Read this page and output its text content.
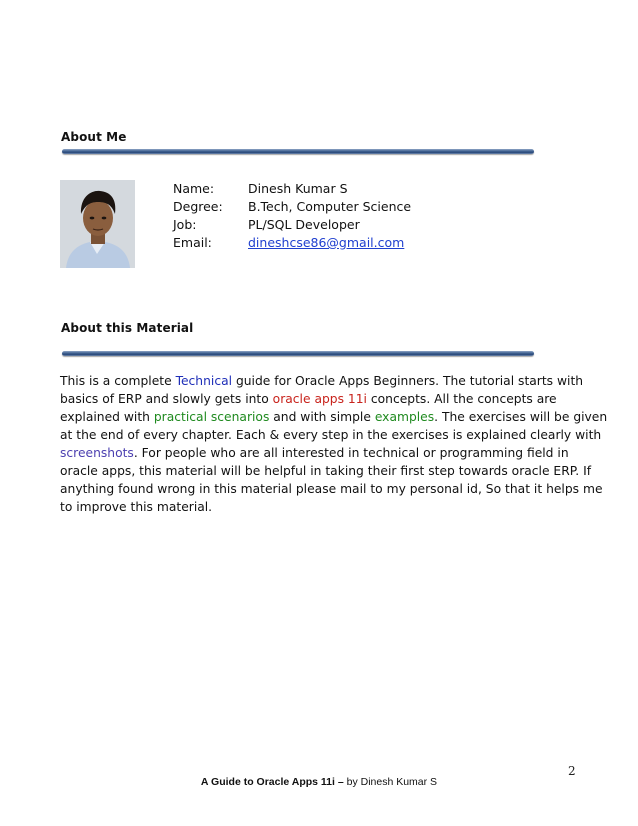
About Me
Name:	Dinesh Kumar S
Degree:	B.Tech, Computer Science
Job:	PL/SQL Developer
Email:	dineshcse86@gmail.com
About this Material
This is a complete Technical guide for Oracle Apps Beginners. The tutorial starts with
basics of ERP and slowly gets into oracle apps 11i concepts. All the concepts are
explained with practical scenarios and with simple examples. The exercises will be given
at the end of every chapter. Each & every step in the exercises is explained clearly with
screenshots. For people who are all interested in technical or programming field in
oracle apps, this material will be helpful in taking their first step towards oracle ERP. If
anything found wrong in this material please mail to my personal id, So that it helps me
to improve this material.
2
A Guide to Oracle Apps 11i – by Dinesh Kumar S
